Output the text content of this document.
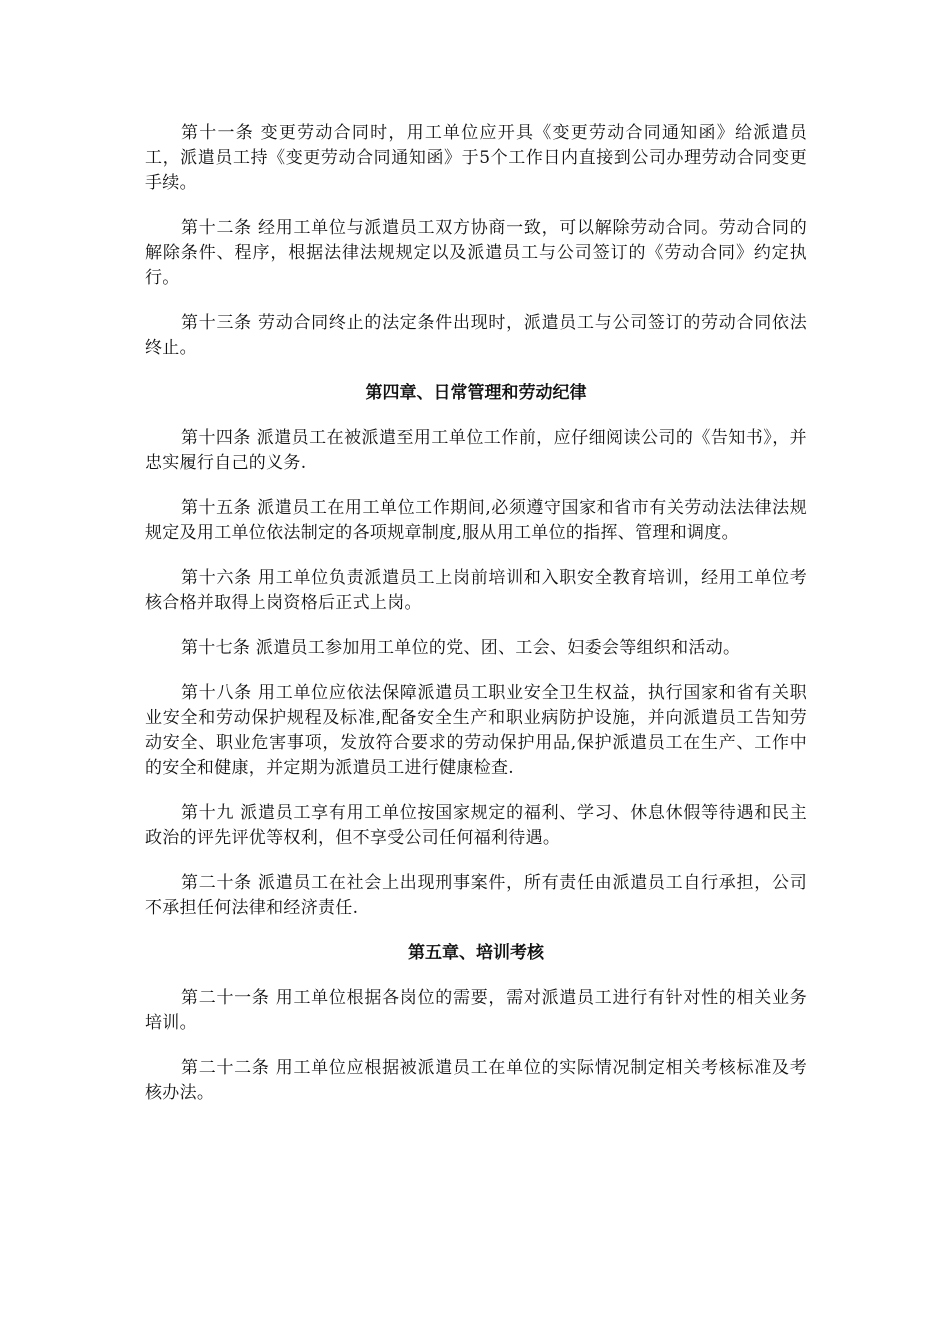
第十一条 变更劳动合同时，用工单位应开具《变更劳动合同通知函》给派遣员工，派遣员工持《变更劳动合同通知函》于5个工作日内直接到公司办理劳动合同变更手续。

第十二条 经用工单位与派遣员工双方协商一致，可以解除劳动合同。劳动合同的解除条件、程序，根据法律法规规定以及派遣员工与公司签订的《劳动合同》约定执行。

第十三条 劳动合同终止的法定条件出现时，派遣员工与公司签订的劳动合同依法终止。

第四章、日常管理和劳动纪律

第十四条 派遣员工在被派遣至用工单位工作前，应仔细阅读公司的《告知书》，并忠实履行自己的义务.

第十五条 派遣员工在用工单位工作期间,必须遵守国家和省市有关劳动法法律法规规定及用工单位依法制定的各项规章制度,服从用工单位的指挥、管理和调度。

第十六条 用工单位负责派遣员工上岗前培训和入职安全教育培训，经用工单位考核合格并取得上岗资格后正式上岗。

第十七条 派遣员工参加用工单位的党、团、工会、妇委会等组织和活动。

第十八条 用工单位应依法保障派遣员工职业安全卫生权益，执行国家和省有关职业安全和劳动保护规程及标准,配备安全生产和职业病防护设施，并向派遣员工告知劳动安全、职业危害事项，发放符合要求的劳动保护用品,保护派遣员工在生产、工作中的安全和健康，并定期为派遣员工进行健康检查.

第十九 派遣员工享有用工单位按国家规定的福利、学习、休息休假等待遇和民主政治的评先评优等权利，但不享受公司任何福利待遇。

第二十条 派遣员工在社会上出现刑事案件，所有责任由派遣员工自行承担，公司不承担任何法律和经济责任.

第五章、培训考核

第二十一条 用工单位根据各岗位的需要，需对派遣员工进行有针对性的相关业务培训。

第二十二条 用工单位应根据被派遣员工在单位的实际情况制定相关考核标准及考核办法。
